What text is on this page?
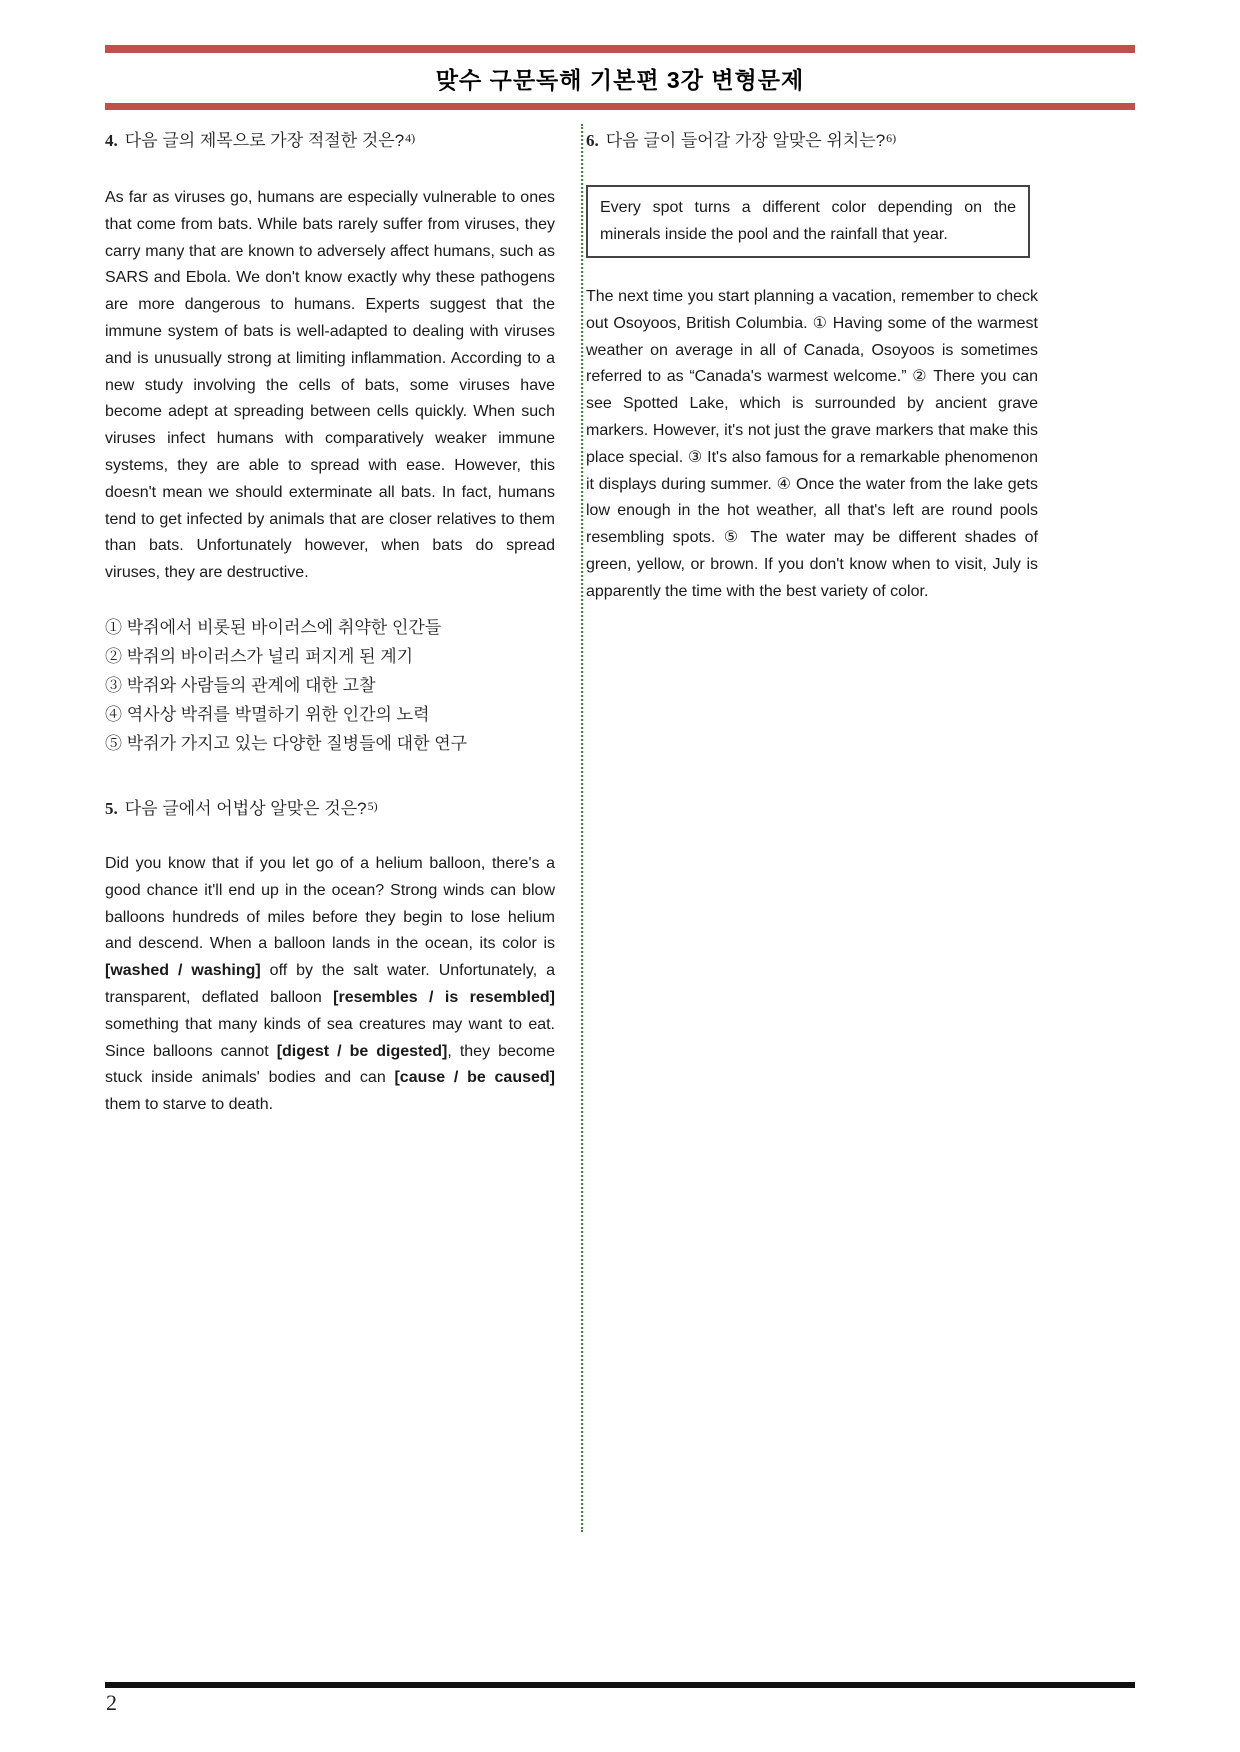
맞수 구문독해 기본편 3강 변형문제
4. 다음 글의 제목으로 가장 적절한 것은?$^{4)}$

As far as viruses go, humans are especially vulnerable to ones that come from bats. While bats rarely suffer from viruses, they carry many that are known to adversely affect humans, such as SARS and Ebola. We don't know exactly why these pathogens are more dangerous to humans. Experts suggest that the immune system of bats is well-adapted to dealing with viruses and is unusually strong at limiting inflammation. According to a new study involving the cells of bats, some viruses have become adept at spreading between cells quickly. When such viruses infect humans with comparatively weaker immune systems, they are able to spread with ease. However, this doesn't mean we should exterminate all bats. In fact, humans tend to get infected by animals that are closer relatives to them than bats. Unfortunately however, when bats do spread viruses, they are destructive.

① 박쥐에서 비롯된 바이러스에 취약한 인간들
② 박쥐의 바이러스가 널리 퍼지게 된 계기
③ 박쥐와 사람들의 관계에 대한 고찰
④ 역사상 박쥐를 박멸하기 위한 인간의 노력
⑤ 박쥐가 가지고 있는 다양한 질병들에 대한 연구
5. 다음 글에서 어법상 알맞은 것은?$^{5)}$

Did you know that if you let go of a helium balloon, there's a good chance it'll end up in the ocean? Strong winds can blow balloons hundreds of miles before they begin to lose helium and descend. When a balloon lands in the ocean, its color is [washed / washing] off by the salt water. Unfortunately, a transparent, deflated balloon [resembles / is resembled] something that many kinds of sea creatures may want to eat. Since balloons cannot [digest / be digested], they become stuck inside animals' bodies and can [cause / be caused] them to starve to death.

6. 다음 글이 들어갈 가장 알맞은 위치는?$^{6)}$
Every spot turns a different color depending on the minerals inside the pool and the rainfall that year.

The next time you start planning a vacation, remember to check out Osoyoos, British Columbia. ① Having some of the warmest weather on average in all of Canada, Osoyoos is sometimes referred to as “Canada's warmest welcome.” ② There you can see Spotted Lake, which is surrounded by ancient grave markers. However, it's not just the grave markers that make this place special. ③ It's also famous for a remarkable phenomenon it displays during summer. ④ Once the water from the lake gets low enough in the hot weather, all that's left are round pools resembling spots. ⑤ The water may be different shades of green, yellow, or brown. If you don't know when to visit, July is apparently the time with the best variety of color.

2
